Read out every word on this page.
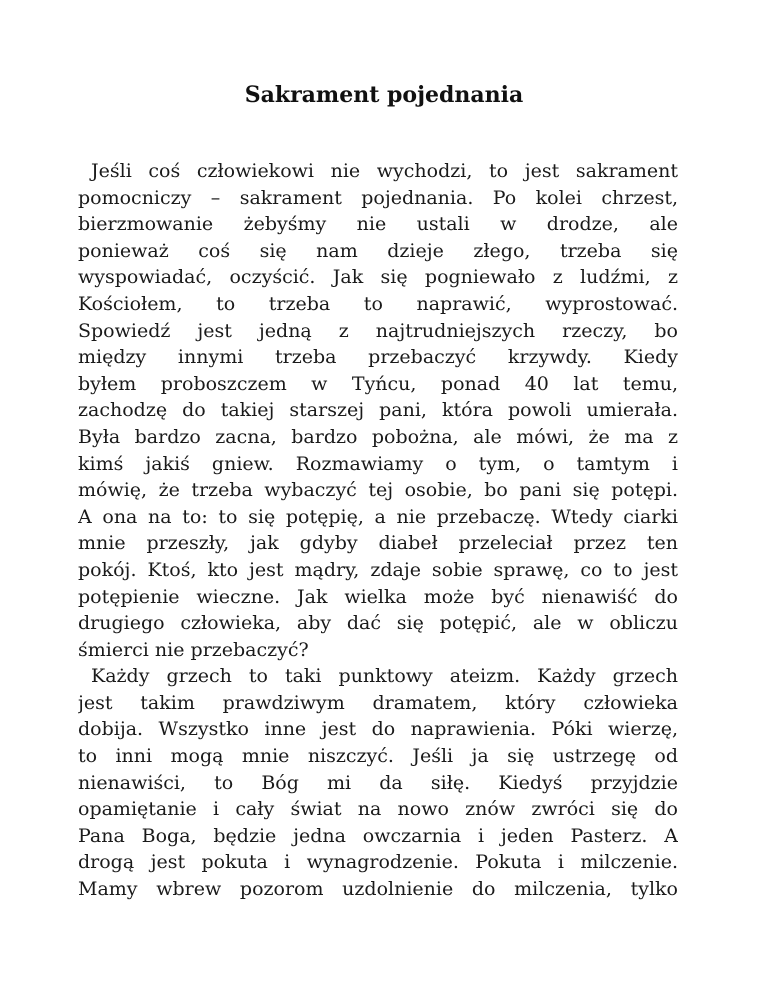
Sakrament pojednania
Jeśli coś człowiekowi nie wychodzi, to jest sakrament
pomocniczy – sakrament pojednania. Po kolei chrzest,
bierzmowanie żebyśmy nie ustali w drodze, ale
ponieważ coś się nam dzieje złego, trzeba się
wyspowiadać, oczyścić. Jak się pogniewało z ludźmi, z
Kościołem, to trzeba to naprawić, wyprostować.
Spowiedź jest jedną z najtrudniejszych rzeczy, bo
między innymi trzeba przebaczyć krzywdy. Kiedy
byłem proboszczem w Tyńcu, ponad 40 lat temu,
zachodzę do takiej starszej pani, która powoli umierała.
Była bardzo zacna, bardzo pobożna, ale mówi, że ma z
kimś jakiś gniew. Rozmawiamy o tym, o tamtym i
mówię, że trzeba wybaczyć tej osobie, bo pani się potępi.
A ona na to: to się potępię, a nie przebaczę. Wtedy ciarki
mnie przeszły, jak gdyby diabeł przeleciał przez ten
pokój. Ktoś, kto jest mądry, zdaje sobie sprawę, co to jest
potępienie wieczne. Jak wielka może być nienawiść do
drugiego człowieka, aby dać się potępić, ale w obliczu
śmierci nie przebaczyć?
Każdy grzech to taki punktowy ateizm. Każdy grzech
jest takim prawdziwym dramatem, który człowieka
dobija. Wszystko inne jest do naprawienia. Póki wierzę,
to inni mogą mnie niszczyć. Jeśli ja się ustrzegę od
nienawiści, to Bóg mi da siłę. Kiedyś przyjdzie
opamiętanie i cały świat na nowo znów zwróci się do
Pana Boga, będzie jedna owczarnia i jeden Pasterz. A
drogą jest pokuta i wynagrodzenie. Pokuta i milczenie.
Mamy wbrew pozorom uzdolnienie do milczenia, tylko
